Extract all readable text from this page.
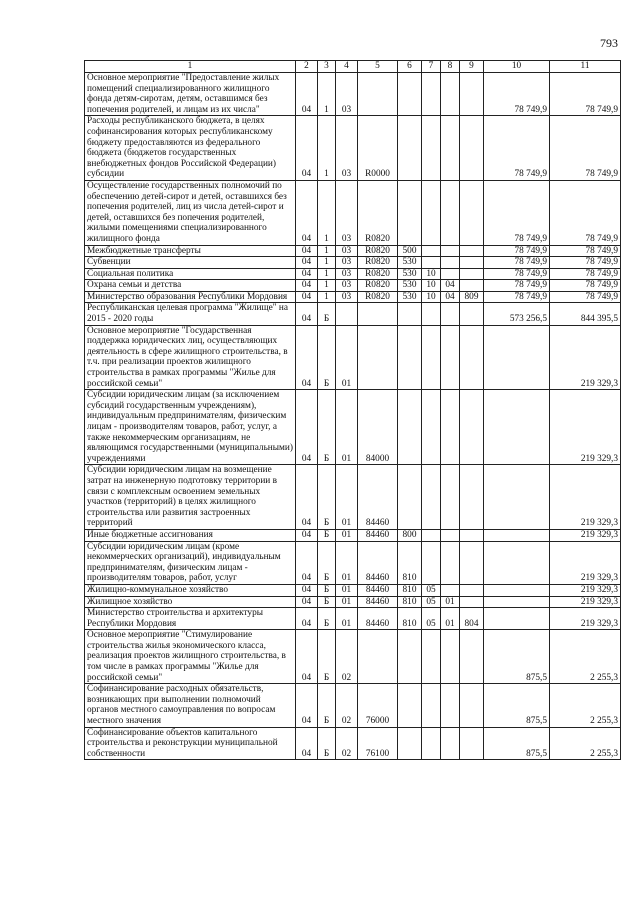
793
1	2	3	4	5	6	7	8	9	10	11
Основное мероприятие "Предоставление жилых помещений специализированного жилищного фонда детям-сиротам, детям, оставшимся без попечения родителей, и лицам из их числа"	04	1	03						78 749,9	78 749,9
Расходы республиканского бюджета, в целях софинансирования которых республиканскому бюджету предоставляются из федерального бюджета (бюджетов государственных внебюджетных фондов Российской Федерации) субсидии	04	1	03	R0000					78 749,9	78 749,9
Осуществление государственных полномочий по обеспечению детей-сирот и детей, оставшихся без попечения родителей, лиц из числа детей-сирот и детей, оставшихся без попечения родителей, жилыми помещениями специализированного жилищного фонда	04	1	03	R0820					78 749,9	78 749,9
Межбюджетные трансферты	04	1	03	R0820	500				78 749,9	78 749,9
Субвенции	04	1	03	R0820	530				78 749,9	78 749,9
Социальная политика	04	1	03	R0820	530	10			78 749,9	78 749,9
Охрана семьи и детства	04	1	03	R0820	530	10	04		78 749,9	78 749,9
Министерство образования Республики Мордовия	04	1	03	R0820	530	10	04	809	78 749,9	78 749,9
Республиканская целевая программа "Жилище" на 2015 - 2020 годы	04	Б							573 256,5	844 395,5
Основное мероприятие "Государственная поддержка юридических лиц, осуществляющих деятельность в сфере жилищного строительства, в т.ч. при реализации проектов жилищного строительства в рамках программы "Жилье для российской семьи"	04	Б	01							219 329,3
Субсидии юридическим лицам (за исключением субсидий государственным учреждениям), индивидуальным предпринимателям, физическим лицам - производителям товаров, работ, услуг, а также некоммерческим организациям, не являющимся государственными (муниципальными) учреждениями	04	Б	01	84000						219 329,3
Субсидии юридическим лицам на возмещение затрат на инженерную подготовку территории в связи с комплексным освоением земельных участков (территорий) в целях жилищного строительства или развития застроенных территорий	04	Б	01	84460						219 329,3
Иные бюджетные ассигнования	04	Б	01	84460	800					219 329,3
Субсидии юридическим лицам (кроме некоммерческих организаций), индивидуальным предпринимателям, физическим лицам - производителям товаров, работ, услуг	04	Б	01	84460	810					219 329,3
Жилищно-коммунальное хозяйство	04	Б	01	84460	810	05				219 329,3
Жилищное хозяйство	04	Б	01	84460	810	05	01			219 329,3
Министерство строительства и архитектуры Республики Мордовия	04	Б	01	84460	810	05	01	804		219 329,3
Основное мероприятие "Стимулирование строительства жилья экономического класса, реализация проектов жилищного строительства, в том числе в рамках программы "Жилье для российской семьи"	04	Б	02						875,5	2 255,3
Софинансирование расходных обязательств, возникающих при выполнении полномочий органов местного самоуправления по вопросам местного значения	04	Б	02	76000					875,5	2 255,3
Софинансирование объектов капитального строительства и реконструкции муниципальной собственности	04	Б	02	76100					875,5	2 255,3
